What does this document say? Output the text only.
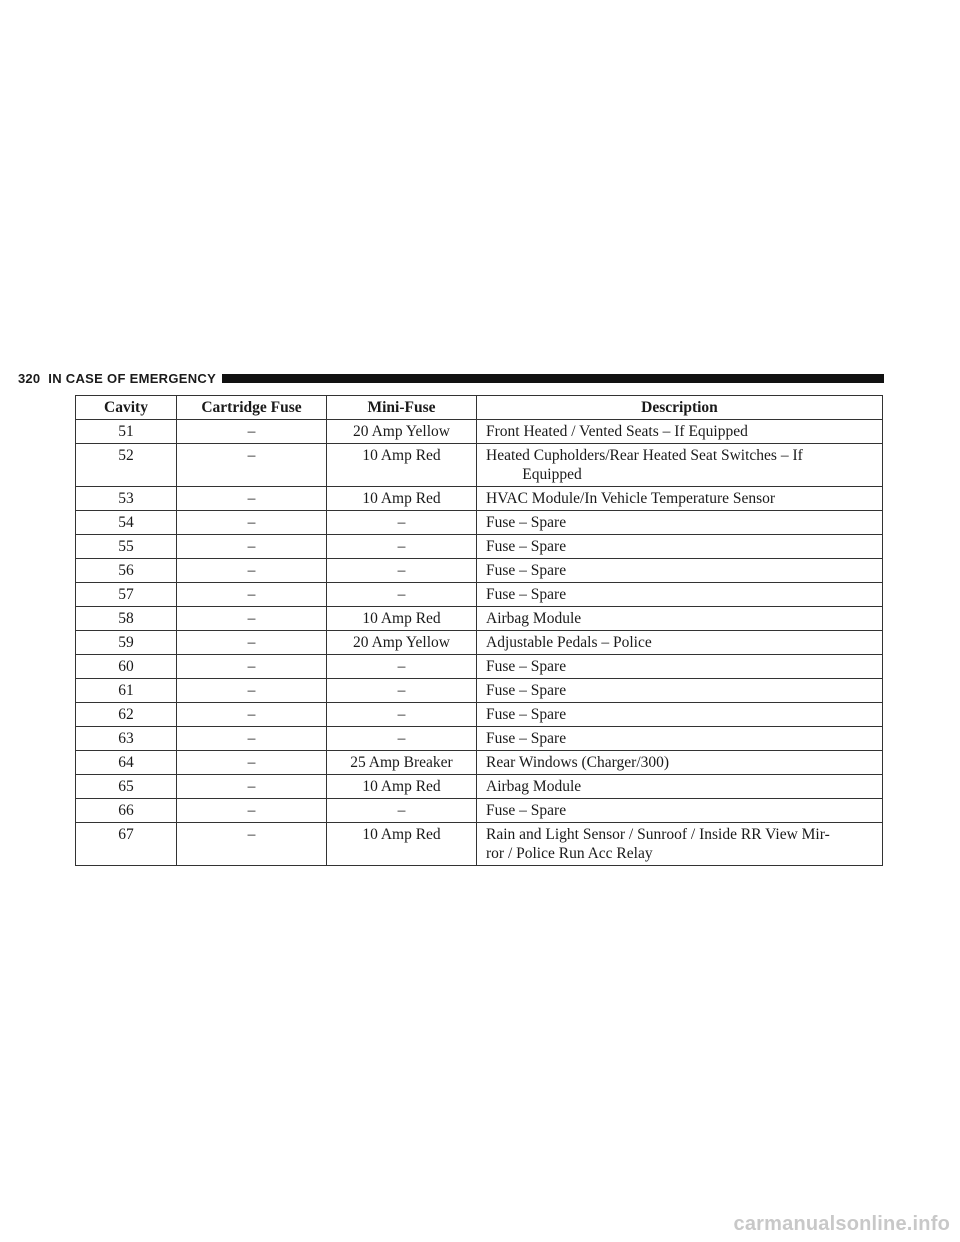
320 IN CASE OF EMERGENCY
Cavity	Cartridge Fuse	Mini-Fuse	Description
51	–	20 Amp Yellow	Front Heated / Vented Seats – If Equipped
52	–	10 Amp Red	Heated Cupholders/Rear Heated Seat Switches – If
Equipped

53	–	10 Amp Red	HVAC Module/In Vehicle Temperature Sensor
54	–	–	Fuse – Spare
55	–	–	Fuse – Spare
56	–	–	Fuse – Spare
57	–	–	Fuse – Spare
58	–	10 Amp Red	Airbag Module
59	–	20 Amp Yellow	Adjustable Pedals – Police
60	–	–	Fuse – Spare
61	–	–	Fuse – Spare
62	–	–	Fuse – Spare
63	–	–	Fuse – Spare
64	–	25 Amp Breaker	Rear Windows (Charger/300)
65	–	10 Amp Red	Airbag Module
66	–	–	Fuse – Spare
67	–	10 Amp Red	Rain and Light Sensor / Sunroof / Inside RR View Mir-
ror / Police Run Acc Relay
carmanualsonline.info
